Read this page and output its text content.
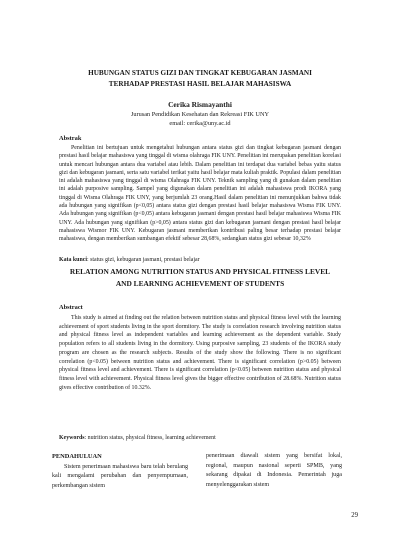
HUBUNGAN STATUS GIZI DAN TINGKAT KEBUGARAN JASMANI
TERHADAP PRESTASI HASIL BELAJAR MAHASISWA
Cerika Rismayanthi
Jurusan Pendidikan Kesehatan dan Rekreasi FIK UNY
email: cerika@uny.ac.id
Abstrak

Penelitian ini bertujuan untuk mengetahui hubungan antara status gizi dan tingkat kebugaran jasmani dengan prestasi hasil belajar mahasiswa yang tinggal di wisma olahraga FIK UNY. Penelitian ini merupakan penelitian korelasi untuk mencari hubungan antara dua variabel atau lebih. Dalam penelitian ini terdapat dua variabel bebas yaitu status gizi dan kebugaran jasmani, serta satu variabel terikat yaitu hasil belajar mata kuliah praktik. Populasi dalam penelitian ini adalah mahasiswa yang tinggal di wisma Olahraga FIK UNY. Teknik sampling yang di gunakan dalam penelitian ini adalah purposive sampling. Sampel yang digunakan dalam penelitian ini adalah mahasiswa prodi IKORA yang tinggal di Wisma Olahraga FIK UNY, yang berjumlah 23 orang.Hasil dalam penelitian ini menunjukkan bahwa tidak ada hubungan yang signifikan (p<0,05) antara status gizi dengan prestasi hasil belajar mahasiswa Wisma FIK UNY. Ada hubungan yang signifikan (p<0,05) antara kebugaran jasmani dengan prestasi hasil belajar mahasiswa Wisma FIK UNY. Ada hubungan yang signifikan (p>0,05) antara status gizi dan kebugaran jasmani dengan prestasi hasil belajar mahasiswa Wismor FIK UNY. Kebugaran jasmani memberikan kontribusi paling besar terhadap prestasi belajar mahasiswa, dengan memberikan sumbangan efektif sebesar 28,68%, sedangkan status gizi sebesar 10,32%

Kata kunci: status gizi, kebugaran jasmani, prestasi belajar
RELATION AMONG NUTRITION STATUS AND PHYSICAL FITNESS LEVEL
AND LEARNING ACHIEVEMENT OF STUDENTS
Abstract

This study is aimed at finding out the relation between nutrition status and physical fitness level with the learning achievement of sport students living in the sport dormitory. The study is correlation research involving nutrition status and physical fitness level as independent variables and learning achievement as the dependent variable. Study population refers to all students living in the dormitory. Using purposive sampling, 23 students of the IKORA study program are chosen as the research subjects. Results of the study show the following. There is no significant correlation (p<0.05) between nutrition status and achievement. There is significant correlation (p>0.05) between physical fitness level and achievement. There is significant correlation (p<0.05) between nutrition status and physical fitness level with achievement. Physical fitness level gives the bigger effective contribution of 28.68%. Nutrition status gives effective contribution of 10.32%.

Keywords: nutrition status, physical fitness, learning achievement
PENDAHULUAN

Sistem penerimaan mahasiswa baru telah berulang kali mengalami perubahan dan penyempurnaan, perkembangan sistem

penerimaan diawali sistem yang bersifat lokal, regional, maupun nasional seperti SPMB, yang sekarang dipakai di Indonesia. Pemerintah juga menyelenggarakan sistem

29
